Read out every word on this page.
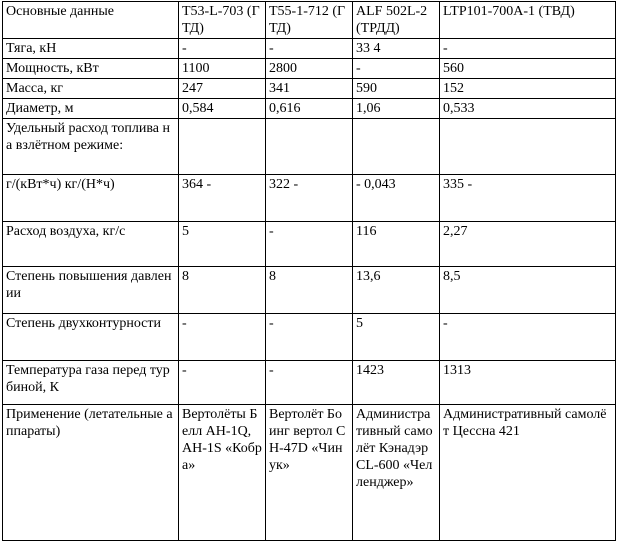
Основные данные	T53-L-703 (ГТД)	T55-1-712 (ГТД)	ALF 502L-2 (ТРДД)	LTP101-700A-1 (ТВД)
Тяга, кН	-	-	33 4	-
Мощность, кВт	1100	2800	-	560
Масса, кг	247	341	590	152
Диаметр, м	0,584	0,616	1,06	0,533
Удельный расход топлива на взлётном режиме:				
г/(кВт*ч) кг/(Н*ч)	364 -	322 -	- 0,043	335 -
Расход воздуха, кг/с	5	-	116	2,27
Степень повышения давлении	8	8	13,6	8,5
Степень двухконтурности	-	-	5	-
Температура газа перед турбиной, К	-	-	1423	1313
Применение (летательные аппараты)	Вертолёты Белл AH-1Q, AH-1S «Кобра»	Вертолёт Боинг вертол CH-47D «Чинук»	Административный самолёт Кэнадэр CL-600 «Челленджер»	Административный самолёт Цессна 421
